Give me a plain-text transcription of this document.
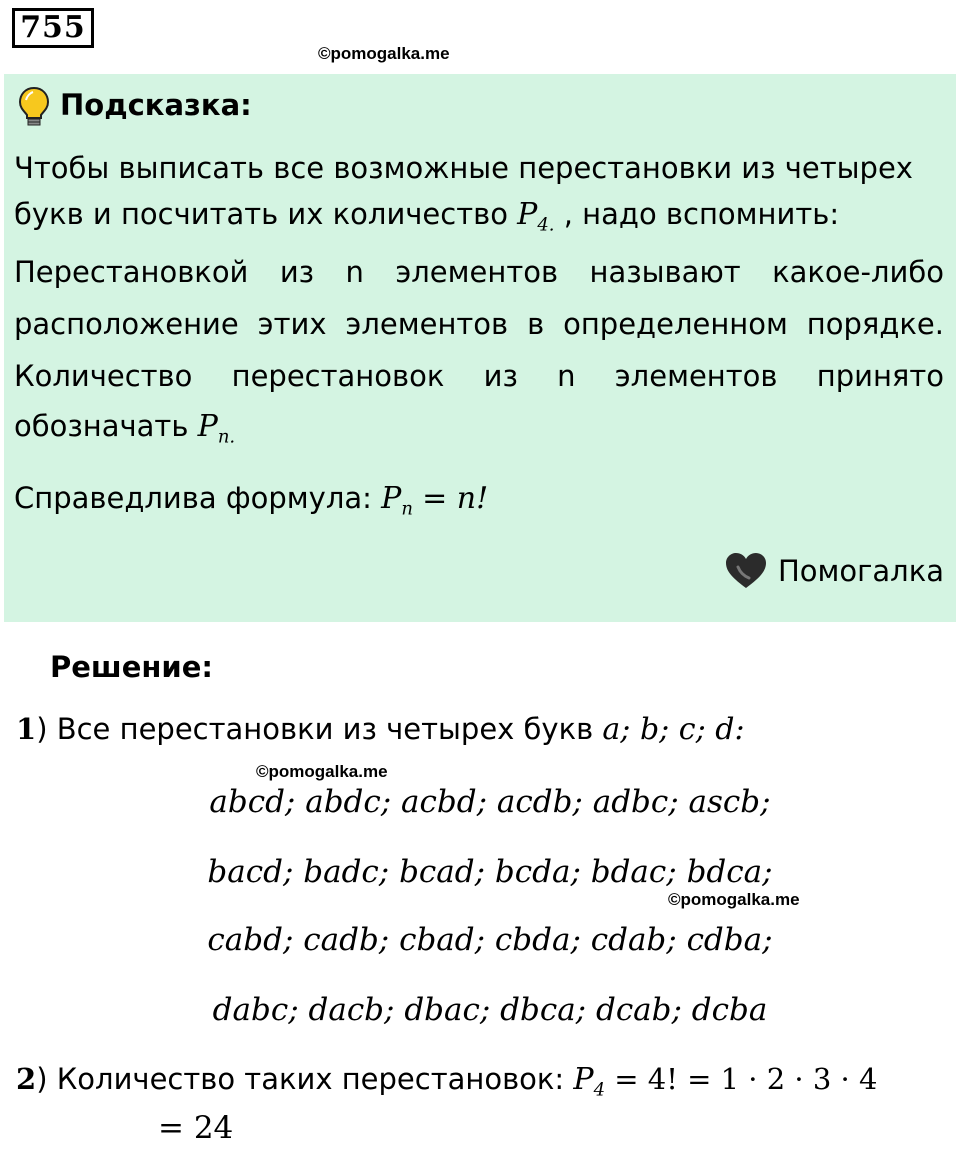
755
©pomogalka.me
Подсказка:
Чтобы выписать все возможные перестановки из четырех
букв и посчитать их количество $P_{4.}$ , надо вспомнить:
Перестановкой из n элементов называют какое-либо
расположение этих элементов в определенном порядке.
Количество перестановок из n элементов принято
обозначать $P_{n.}$
Справедлива формула: $P_n = n$!
Помогалка
Решение:
1) Все перестановки из четырех букв a; b; c; d:
©pomogalka.me
abcd; abdc; acbd; acdb; adbc; ascb;
bacd; badc; bcad; bcda; bdac; bdca;
©pomogalka.me
cabd; cadb; cbad; cbda; cdab; cdba;
dabc; dacb; dbac; dbca; dcab; dcba
2) Количество таких перестановок: $P_4 = 4$! = 1 · 2 · 3 · 4
= 24
